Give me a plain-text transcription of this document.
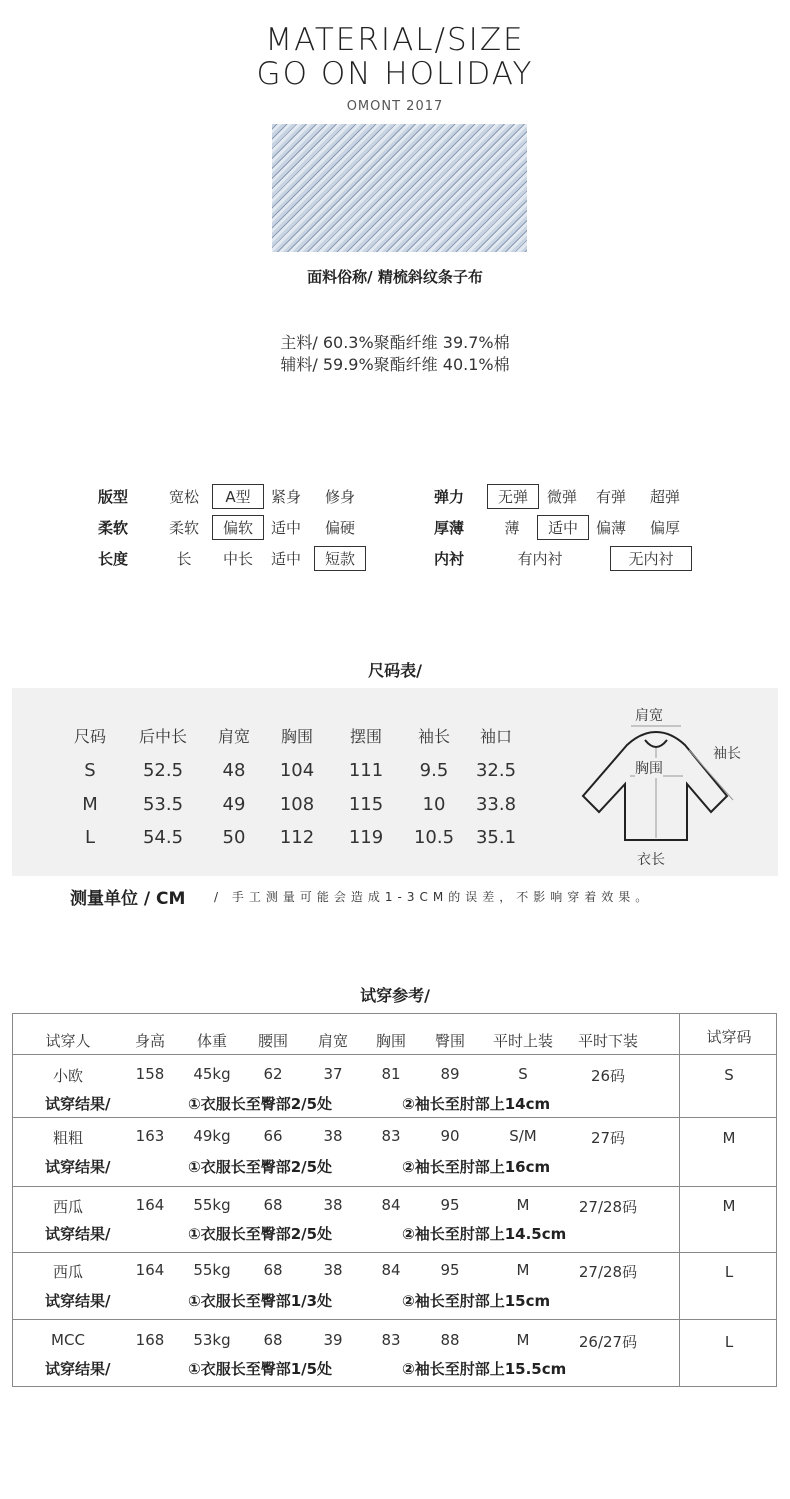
MATERIAL/SIZE
GO ON HOLIDAY
OMONT 2017
面料俗称/ 精梳斜纹条子布
主料/ 60.3%聚酯纤维 39.7%棉
辅料/ 59.9%聚酯纤维 40.1%棉
版型	宽松	A型	紧身	修身
柔软	柔软	偏软	适中	偏硬
长度	长	中长	适中	短款
弹力	无弹	微弹	有弹	超弹
厚薄	薄	适中	偏薄	偏厚
内衬	有内衬	无内衬
尺码表/
尺码	后中长	肩宽	胸围	摆围	袖长	袖口
S	52.5	48	104	111	9.5	32.5
M	53.5	49	108	115	10	33.8
L	54.5	50	112	119	10.5	35.1
肩宽
袖长
胸围
衣长
测量单位 / CM / 手工测量可能会造成1-3CM的误差，不影响穿着效果。
试穿参考/
试穿人	身高	体重	腰围	肩宽	胸围	臀围	平时上装	平时下装	试穿码
小欧	158	45kg	62	37	81	89	S	26码	S
试穿结果/	①衣服长至臀部2/5处	②袖长至肘部上14cm
粗粗	163	49kg	66	38	83	90	S/M	27码	M
试穿结果/	①衣服长至臀部2/5处	②袖长至肘部上16cm
西瓜	164	55kg	68	38	84	95	M	27/28码	M
试穿结果/	①衣服长至臀部2/5处	②袖长至肘部上14.5cm
西瓜	164	55kg	68	38	84	95	M	27/28码	L
试穿结果/	①衣服长至臀部1/3处	②袖长至肘部上15cm
MCC	168	53kg	68	39	83	88	M	26/27码	L
试穿结果/	①衣服长至臀部1/5处	②袖长至肘部上15.5cm
